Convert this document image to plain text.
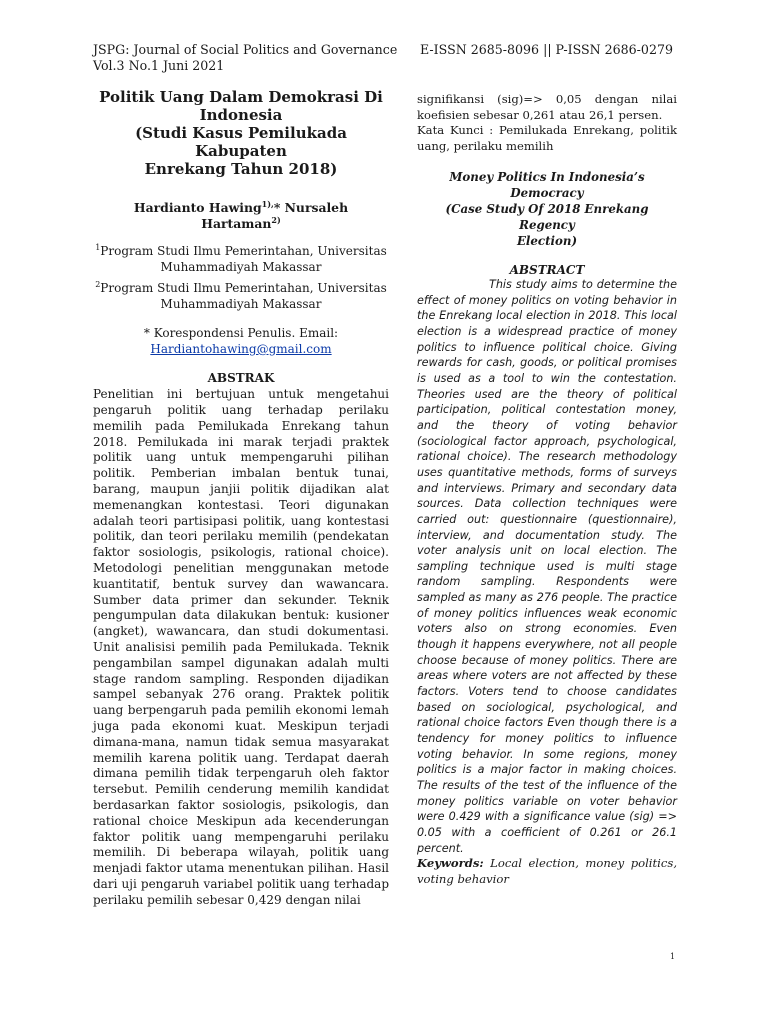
JSPG: Journal of Social Politics and Governance
Vol.3 No.1 Juni 2021
E-ISSN 2685-8096 || P-ISSN 2686-0279
Politik Uang Dalam Demokrasi Di
Indonesia
(Studi Kasus Pemilukada Kabupaten
Enrekang Tahun 2018)
Hardianto Hawing$^{1),}$* Nursaleh Hartaman$^{2)}$
$^1$Program Studi Ilmu Pemerintahan, Universitas
Muhammadiyah Makassar
$^2$Program Studi Ilmu Pemerintahan, Universitas
Muhammadiyah Makassar
* Korespondensi Penulis. Email:
Hardiantohawing@gmail.com
ABSTRAK
Penelitian ini bertujuan untuk mengetahui pengaruh politik uang terhadap perilaku memilih pada Pemilukada Enrekang tahun 2018. Pemilukada ini marak terjadi praktek politik uang untuk mempengaruhi pilihan politik. Pemberian imbalan bentuk tunai, barang, maupun janjii politik dijadikan alat memenangkan kontestasi. Teori digunakan adalah teori partisipasi politik, uang kontestasi politik, dan teori perilaku memilih (pendekatan faktor sosiologis, psikologis, rational choice). Metodologi penelitian menggunakan metode kuantitatif, bentuk survey dan wawancara. Sumber data primer dan sekunder. Teknik pengumpulan data dilakukan bentuk: kusioner (angket), wawancara, dan studi dokumentasi. Unit analisisi pemilih pada Pemilukada. Teknik pengambilan sampel digunakan adalah multi stage random sampling. Responden dijadikan sampel sebanyak 276 orang. Praktek politik uang berpengaruh pada pemilih ekonomi lemah juga pada ekonomi kuat. Meskipun terjadi dimana-mana, namun tidak semua masyarakat memilih karena politik uang. Terdapat daerah dimana pemilih tidak terpengaruh oleh faktor tersebut. Pemilih cenderung memilih kandidat berdasarkan faktor sosiologis, psikologis, dan rational choice Meskipun ada kecenderungan faktor politik uang mempengaruhi perilaku memilih. Di beberapa wilayah, politik uang menjadi faktor utama menentukan pilihan. Hasil dari uji pengaruh variabel politik uang terhadap perilaku pemilih sebesar 0,429 dengan nilai
signifikansi (sig)=> 0,05 dengan nilai koefisien sebesar 0,261 atau 26,1 persen.
Kata Kunci : Pemilukada Enrekang, politik uang, perilaku memilih
Money Politics In Indonesia’s Democracy
(Case Study Of 2018 Enrekang Regency
Election)
ABSTRACT
This study aims to determine the effect of money politics on voting behavior in the Enrekang local election in 2018. This local election is a widespread practice of money politics to influence political choice. Giving rewards for cash, goods, or political promises is used as a tool to win the contestation. Theories used are the theory of political participation, political contestation money, and the theory of voting behavior (sociological factor approach, psychological, rational choice). The research methodology uses quantitative methods, forms of surveys and interviews. Primary and secondary data sources. Data collection techniques were carried out: questionnaire (questionnaire), interview, and documentation study. The voter analysis unit on local election. The sampling technique used is multi stage random sampling. Respondents were sampled as many as 276 people. The practice of money politics influences weak economic voters also on strong economies. Even though it happens everywhere, not all people choose because of money politics. There are areas where voters are not affected by these factors. Voters tend to choose candidates based on sociological, psychological, and rational choice factors Even though there is a tendency for money politics to influence voting behavior. In some regions, money politics is a major factor in making choices. The results of the test of the influence of the money politics variable on voter behavior were 0.429 with a significance value (sig) => 0.05 with a coefficient of 0.261 or 26.1 percent.
Keywords: Local election, money politics, voting behavior
1
